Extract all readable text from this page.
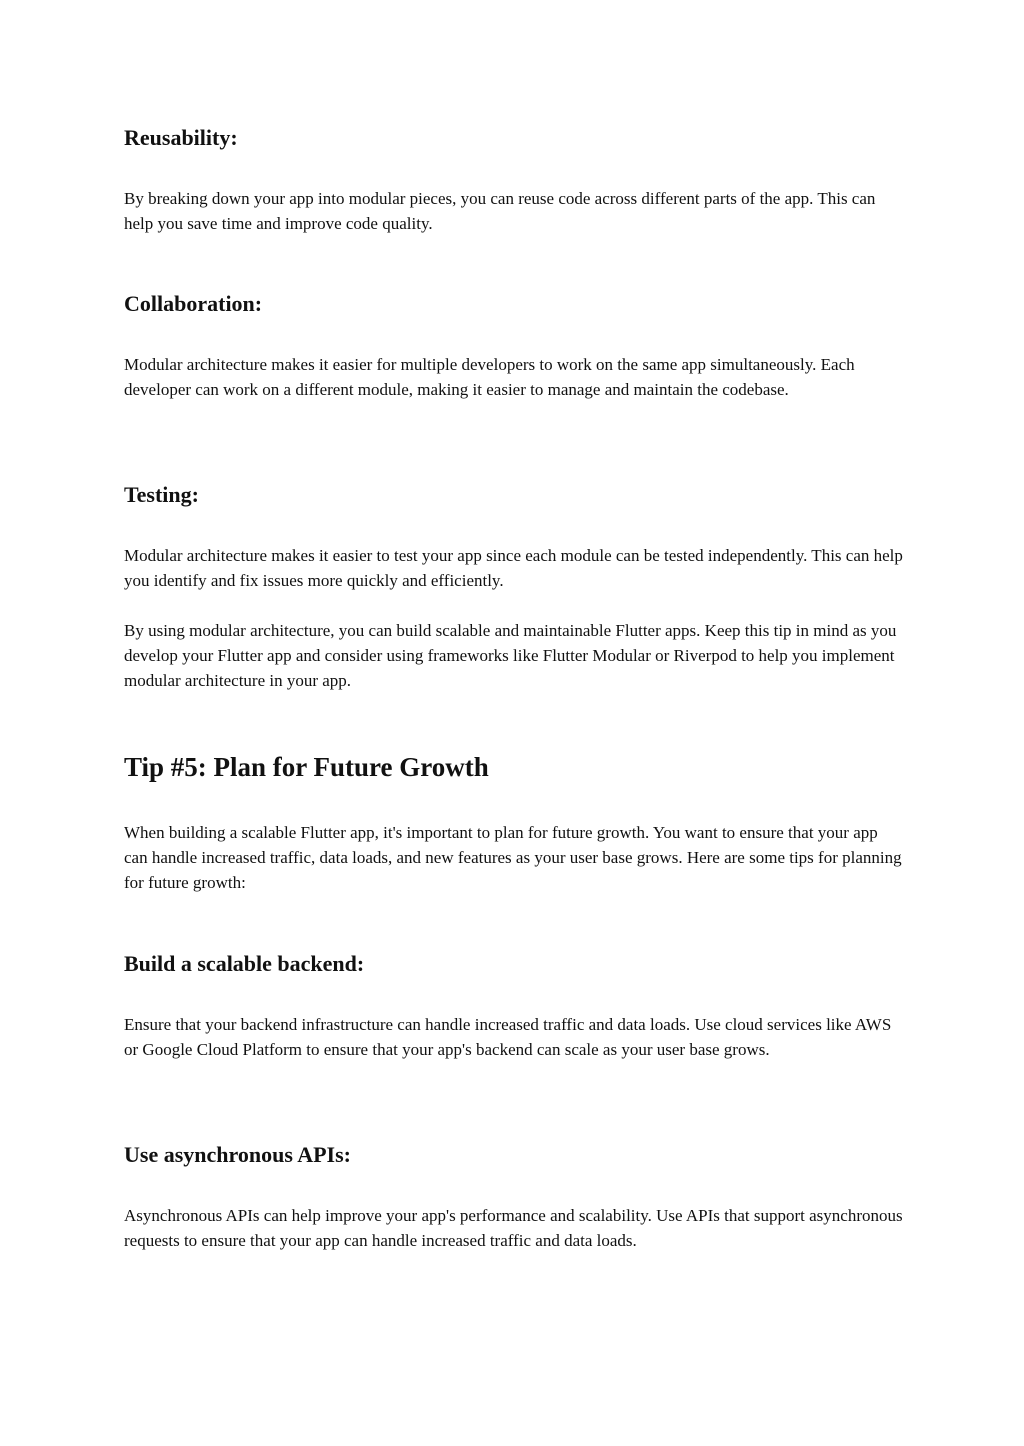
Reusability:

By breaking down your app into modular pieces, you can reuse code across different parts of the app. This can help you save time and improve code quality.

Collaboration:

Modular architecture makes it easier for multiple developers to work on the same app simultaneously. Each developer can work on a different module, making it easier to manage and maintain the codebase.

Testing:

Modular architecture makes it easier to test your app since each module can be tested independently. This can help you identify and fix issues more quickly and efficiently.

By using modular architecture, you can build scalable and maintainable Flutter apps. Keep this tip in mind as you develop your Flutter app and consider using frameworks like Flutter Modular or Riverpod to help you implement modular architecture in your app.

Tip #5: Plan for Future Growth

When building a scalable Flutter app, it's important to plan for future growth. You want to ensure that your app can handle increased traffic, data loads, and new features as your user base grows. Here are some tips for planning for future growth:

Build a scalable backend:

Ensure that your backend infrastructure can handle increased traffic and data loads. Use cloud services like AWS or Google Cloud Platform to ensure that your app's backend can scale as your user base grows.

Use asynchronous APIs:

Asynchronous APIs can help improve your app's performance and scalability. Use APIs that support asynchronous requests to ensure that your app can handle increased traffic and data loads.
